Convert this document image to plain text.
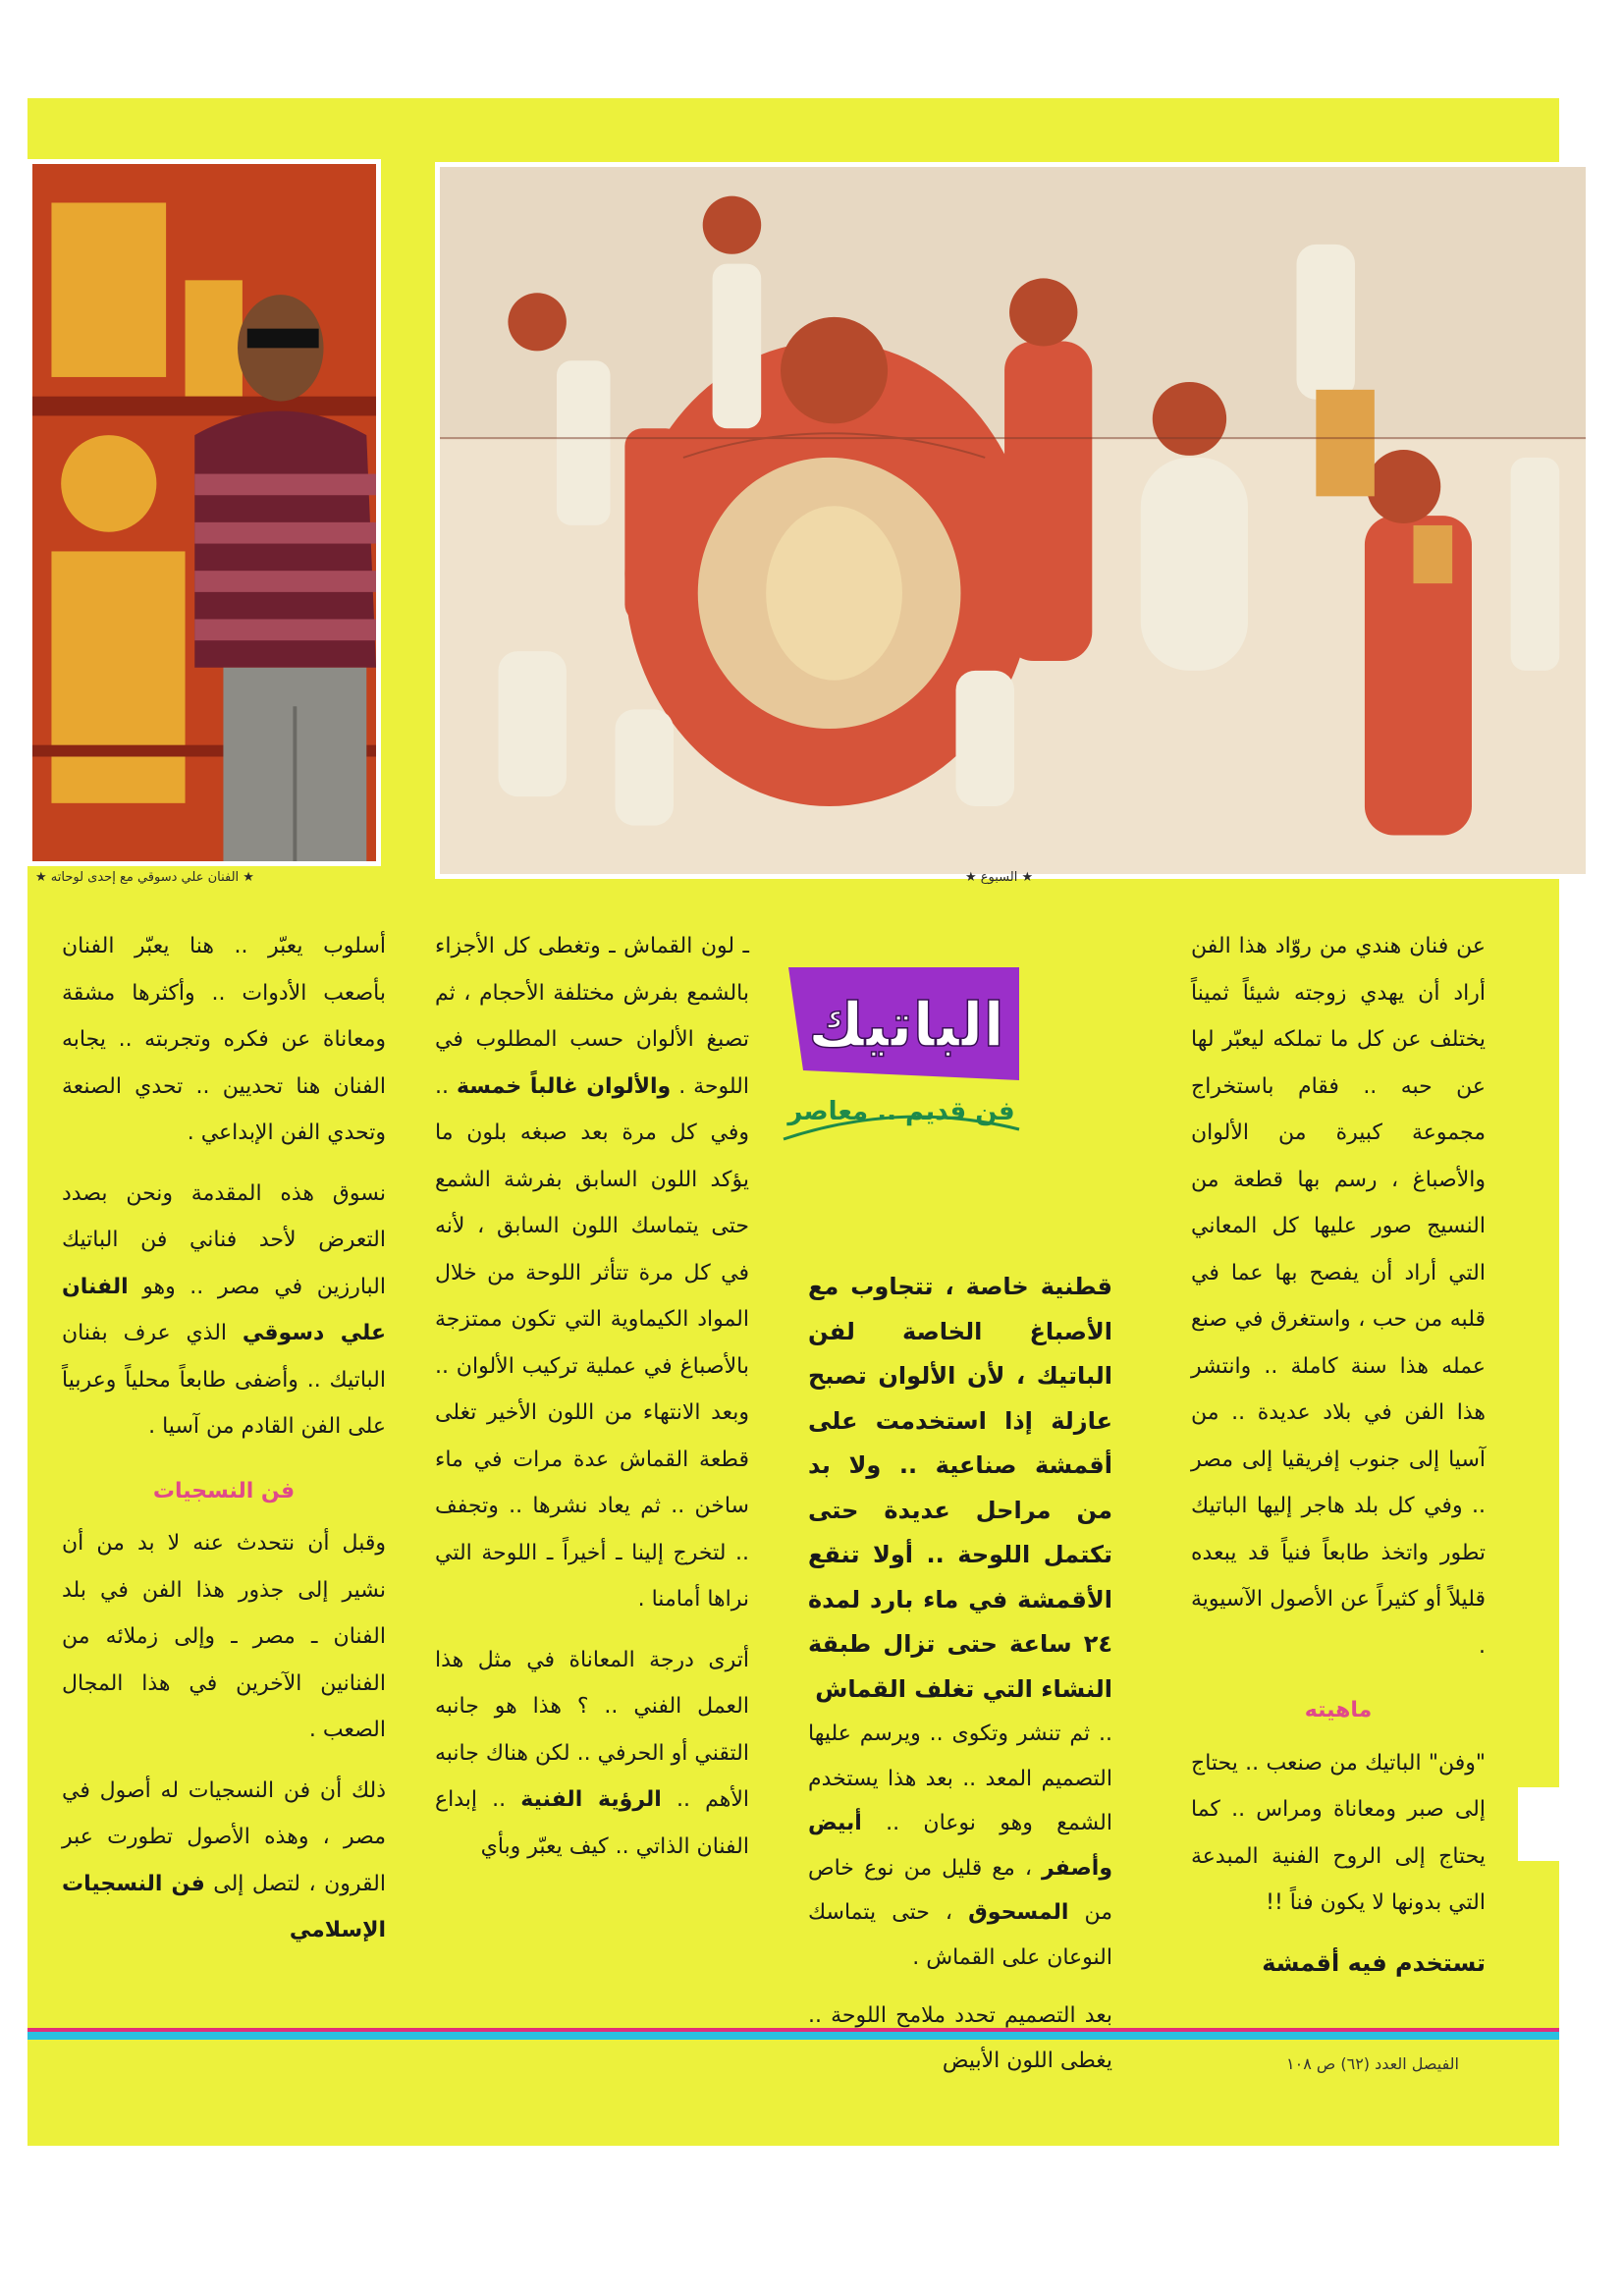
★ السبوع ★
★ الفنان علي دسوقي مع إحدى لوحاته ★
الباتيك
فن قديم .. معاصر

عن فنان هندي من روّاد هذا الفن أراد أن يهدي زوجته شيئاً ثميناً يختلف عن كل ما تملكه ليعبّر لها عن حبه .. فقام باستخراج مجموعة كبيرة من الألوان والأصباغ ، رسم بها قطعة من النسيج صور عليها كل المعاني التي أراد أن يفصح بها عما في قلبه من حب ، واستغرق في صنع عمله هذا سنة كاملة .. وانتشر هذا الفن في بلاد عديدة .. من آسيا إلى جنوب إفريقيا إلى مصر .. وفي كل بلد هاجر إليها الباتيك تطور واتخذ طابعاً فنياً قد يبعده قليلاً أو كثيراً عن الأصول الآسيوية .

ماهيته

"وفن" الباتيك من صنعب .. يحتاج إلى صبر ومعاناة ومراس .. كما يحتاج إلى الروح الفنية المبدعة التي بدونها لا يكون فناً !!

تستخدم فيه أقمشة

قطنية خاصة ، تتجاوب مع الأصباغ الخاصة لفن الباتيك ، لأن الألوان تصبح عازلة إذا استخدمت على أقمشة صناعية .. ولا بد من مراحل عديدة حتى تكتمل اللوحة .. أولا تنقع الأقمشة في ماء بارد لمدة ٢٤ ساعة حتى تزال طبقة النشاء التي تغلف القماش

.. ثم تنشر وتكوى .. ويرسم عليها التصميم المعد .. بعد هذا يستخدم الشمع وهو نوعان .. أبيض وأصفر ، مع قليل من نوع خاص من المسحوق ، حتى يتماسك النوعان على القماش .

بعد التصميم تحدد ملامح اللوحة .. يغطى اللون الأبيض

ـ لون القماش ـ وتغطى كل الأجزاء بالشمع بفرش مختلفة الأحجام ، ثم تصبغ الألوان حسب المطلوب في اللوحة . والألوان غالباً خمسة .. وفي كل مرة بعد صبغه بلون ما يؤكد اللون السابق بفرشة الشمع حتى يتماسك اللون السابق ، لأنه في كل مرة تتأثر اللوحة من خلال المواد الكيماوية التي تكون ممتزجة بالأصباغ في عملية تركيب الألوان .. وبعد الانتهاء من اللون الأخير تغلى قطعة القماش عدة مرات في ماء ساخن .. ثم يعاد نشرها .. وتجفف .. لتخرج إلينا ـ أخيراً ـ اللوحة التي نراها أمامنا .

أترى درجة المعاناة في مثل هذا العمل الفني .. ؟ هذا هو جانبه التقني أو الحرفي .. لكن هناك جانبه الأهم .. الرؤية الفنية .. إبداع الفنان الذاتي .. كيف يعبّر وبأي

أسلوب يعبّر .. هنا يعبّر الفنان بأصعب الأدوات .. وأكثرها مشقة ومعاناة عن فكره وتجربته .. يجابه الفنان هنا تحديين .. تحدي الصنعة وتحدي الفن الإبداعي .

نسوق هذه المقدمة ونحن بصدد التعرض لأحد فناني فن الباتيك البارزين في مصر .. وهو الفنان علي دسوقي الذي عرف بفنان الباتيك .. وأضفى طابعاً محلياً وعربياً على الفن القادم من آسيا .

فن النسجيات

وقبل أن نتحدث عنه لا بد من أن نشير إلى جذور هذا الفن في بلد الفنان ـ مصر ـ وإلى زملائه من الفنانين الآخرين في هذا المجال الصعب .

ذلك أن فن النسجيات له أصول في مصر ، وهذه الأصول تطورت عبر القرون ، لتصل إلى فن النسجيات الإسلامي

الفيصل العدد (٦٢) ص ١٠٨
